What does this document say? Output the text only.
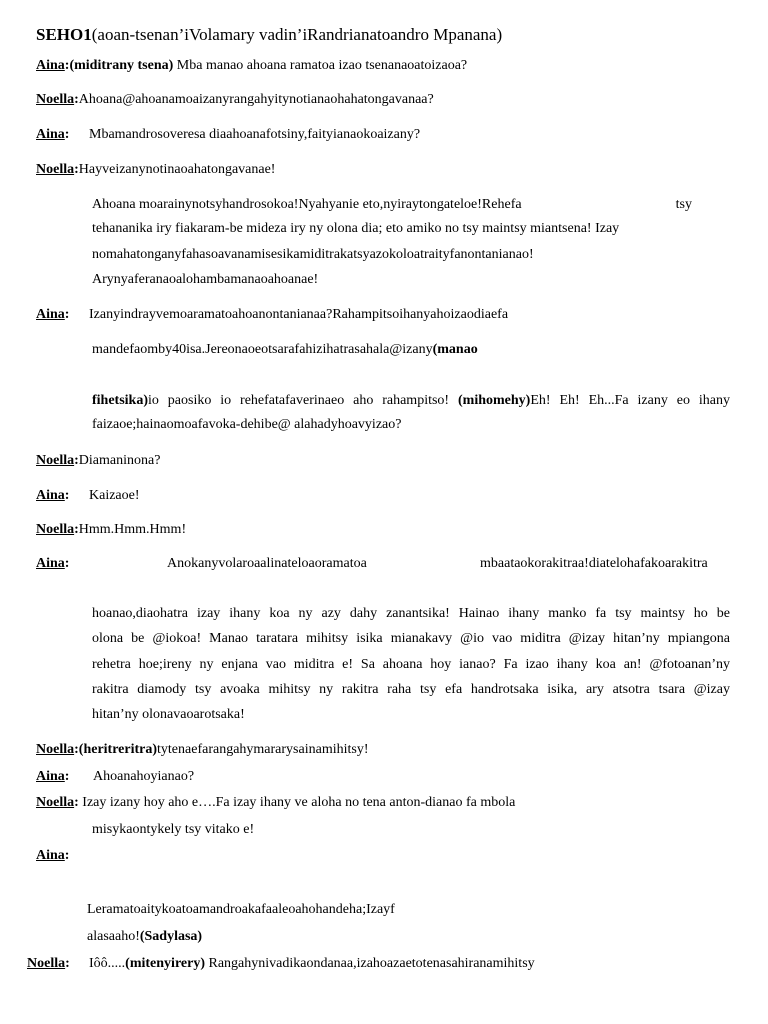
SEHO1(aoan-tsenan’iVolamary vadin’iRandrianatoandro Mpanana)
Aina:(miditrany tsena) Mba manao ahoana ramatoa izao tsenanaoatoizaoa?
Noella:Ahoana@ahoanamoaizanyrangahyitynotianaohahatongavanaa?
Aina: Mbamandrosoveresa diaahoanafotsiny,faityianaokoaizany?
Noella:Hayveizanynotinaoahatongavanae!
Ahoana moarainynotsyhandrosokoa!Nyahyanie eto,nyiraytongateloe!Rehefa	tsy
tehananika iry fiakaram-be mideza iry ny olona dia; eto amiko no tsy maintsy miantsena! Izay
nomahatonganyfahasoavanamisesikamiditrakatsyazokoloatraityfanontanianao!
Arynyaferanaoalohambamanaoahoanae!
Aina: Izanyindrayvemoaramatoahoanontanianaa?Rahampitsoihanyahoizaodiaefa
mandefaomby40isa.Jereonaoeotsarafahizihatrasahala@izany(manao
fihetsika)io paosiko io rehefatafaverinaeo aho rahampitso! (mihomehy)Eh! Eh! Eh...Fa izany eo ihany
faizaoe;hainaomoafavoka-dehibe@ alahadyhoavyizao?
Noella:Diamaninona?
Aina: Kaizaoe!
Noella:Hmm.Hmm.Hmm!
Aina:	Anokanyvolaroaalinateloaoramatoa	mbaataokorakitraa!diatelohafakoarakitra
hoanao,diaohatra izay ihany koa ny azy dahy zanantsika! Hainao ihany manko fa tsy maintsy ho be
olona be @iokoa! Manao taratara mihitsy isika mianakavy @io vao miditra @izay hitan’ny mpiangona
rehetra hoe;ireny ny enjana vao miditra e! Sa ahoana hoy ianao? Fa izao ihany koa an! @fotoanan’ny
rakitra diamody tsy avoaka mihitsy ny rakitra raha tsy efa handrotsaka isika, ary atsotra tsara @izay
hitan’ny olonavaoarotsaka!
Noella:(heritreritra)tytenaefarangahymararysainamihitsy!
Aina: Ahoanahoyianao?
Noella: Izay izany hoy aho e….Fa izay ihany ve aloha no tena anton-dianao fa mbola
misykaontykely tsy vitako e!
Aina:
Leramatoaitykoatoamandroakafaaleoahohandeha;Izayf
alasaaho!(Sadylasa)
Noella: Iôô.....(mitenyirery) Rangahynivadikaondanaa,izahoazaetotenasahiranamihitsy
